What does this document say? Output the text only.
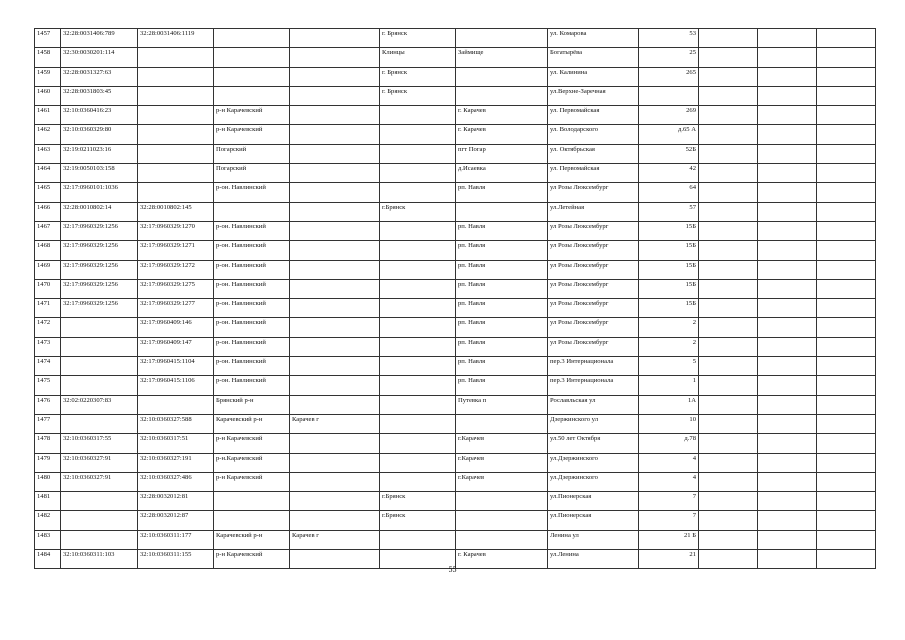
1457	32:28:0031406:789	32:28:0031406:1119			г. Брянск		ул. Комарова	53			
1458	32:30:0030201:114				Клинцы	Займище	Богатырёва	25			
1459	32:28:0031327:63				г. Брянск		ул. Калинина	265			
1460	32:28:0031803:45				г. Брянск		ул.Верхне-Заречная				
1461	32:10:0360416:23		р-н Карачевский			г. Карачев	ул. Первомайская	269			
1462	32:10:0360329:80		р-н Карачевский			г. Карачев	ул. Володарского	д.65 А			
1463	32:19:0211023:16		Погарский			пгт Погар	ул. Октябрьская	52Б			
1464	32:19:0050103:158		Погарский			д.Исаевка	ул. Первомайская	42			
1465	32:17:0960101:1036		р-он. Навлинский			рп. Навля	ул Розы Люксембург	64			
1466	32:28:0010802:14	32:28:0010802:145			г.Брянск		ул.Летейная	57			
1467	32:17:0960329:1256	32:17:0960329:1270	р-он. Навлинский			рп. Навля	ул Розы Люксембург	15Б			
1468	32:17:0960329:1256	32:17:0960329:1271	р-он. Навлинский			рп. Навля	ул Розы Люксембург	15Б			
1469	32:17:0960329:1256	32:17:0960329:1272	р-он. Навлинский			рп. Навля	ул Розы Люксембург	15Б			
1470	32:17:0960329:1256	32:17:0960329:1275	р-он. Навлинский			рп. Навля	ул Розы Люксембург	15Б			
1471	32:17:0960329:1256	32:17:0960329:1277	р-он. Навлинский			рп. Навля	ул Розы Люксембург	15Б			
1472		32:17:0960409:146	р-он. Навлинский			рп. Навля	ул Розы Люксембург	2			
1473		32:17:0960409:147	р-он. Навлинский			рп. Навля	ул Розы Люксембург	2			
1474		32:17:0960415:1104	р-он. Навлинский			рп. Навля	пер.3 Интернационала	5			
1475		32:17:0960415:1106	р-он. Навлинский			рп. Навля	пер.3 Интернационала	1			
1476	32:02:0220307:83		Брянский р-н			Путевка п	Рославльская ул	1А			
1477		32:10:0360327:588	Карачевский р-н	Карачев г			Дзержинского ул	10			
1478	32:10:0360317:55	32:10:0360317:51	р-н Карачевский			г.Карачев	ул.50 лет Октября	д.78			
1479	32:10:0360327:91	32:10:0360327:191	р-н.Карачевский			г.Карачев	ул.Дзержинского	4			
1480	32:10:0360327:91	32:10:0360327:486	р-н Карачевский			г.Карачев	ул.Дзержинского	4			
1481		32:28:0032012:81			г.Брянск		ул.Пионерская	7			
1482		32:28:0032012:87			г.Брянск		ул.Пионерская	7			
1483		32:10:0360311:177	Карачевский р-н	Карачев г			Ленина ул	21 Б			
1484	32:10:0360311:103	32:10:0360311:155	р-н Карачевский			г. Карачев	ул.Ленина	21			
55
